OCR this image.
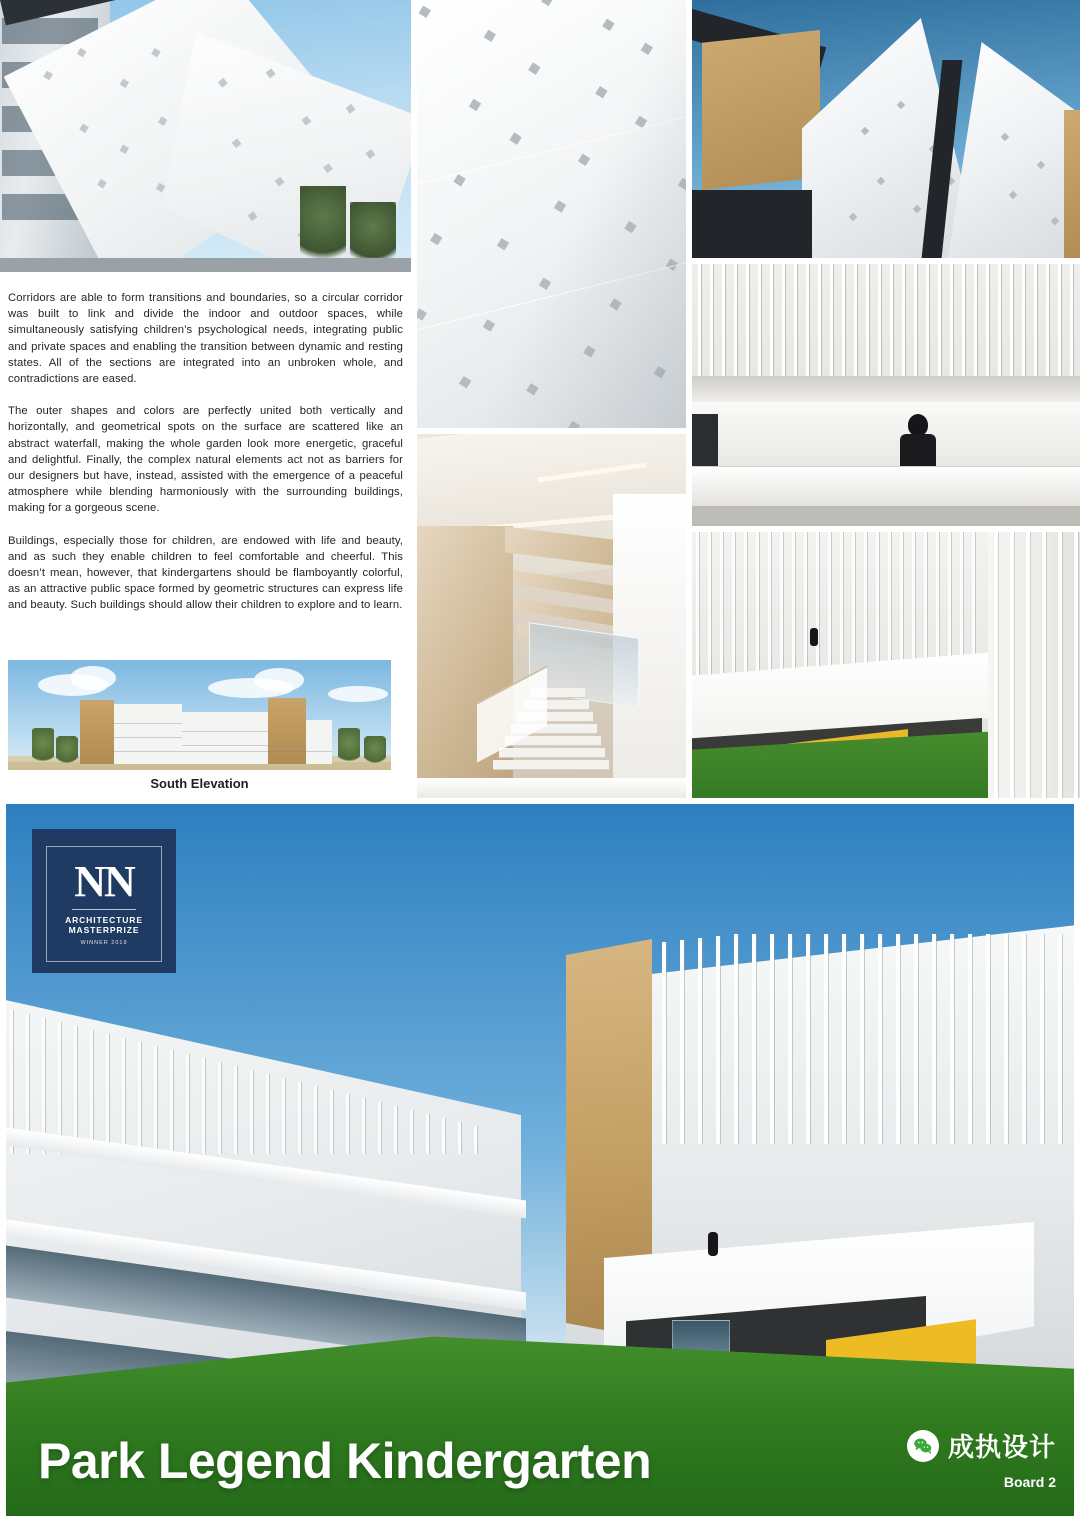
Corridors are able to form transitions and boundaries, so a circular corridor was built to link and divide the indoor and outdoor spaces, while simultaneously satisfying children’s psychological needs, integrating public and private spaces and enabling the transition between dynamic and resting states. All of the sections are integrated into an unbroken whole, and contradictions are eased.

The outer shapes and colors are perfectly united both vertically and horizontally, and geometrical spots on the surface are scattered like an abstract waterfall, making the whole garden look more energetic, graceful and delightful. Finally, the complex natural elements act not as barriers for our designers but have, instead, assisted with the emergence of a peaceful atmosphere while blending harmoniously with the surrounding buildings, making for a gorgeous scene.

Buildings, especially those for children, are endowed with life and beauty, and as such they enable children to feel comfortable and cheerful. This doesn’t mean, however, that kindergartens should be flamboyantly colorful, as an attractive public space formed by geometric structures can express life and beauty. Such buildings should allow their children to explore and to learn.

South Elevation
NN
ARCHITECTURE
MASTERPRIZE
WINNER 2019
Park Legend Kindergarten	成执设计
Board 2
